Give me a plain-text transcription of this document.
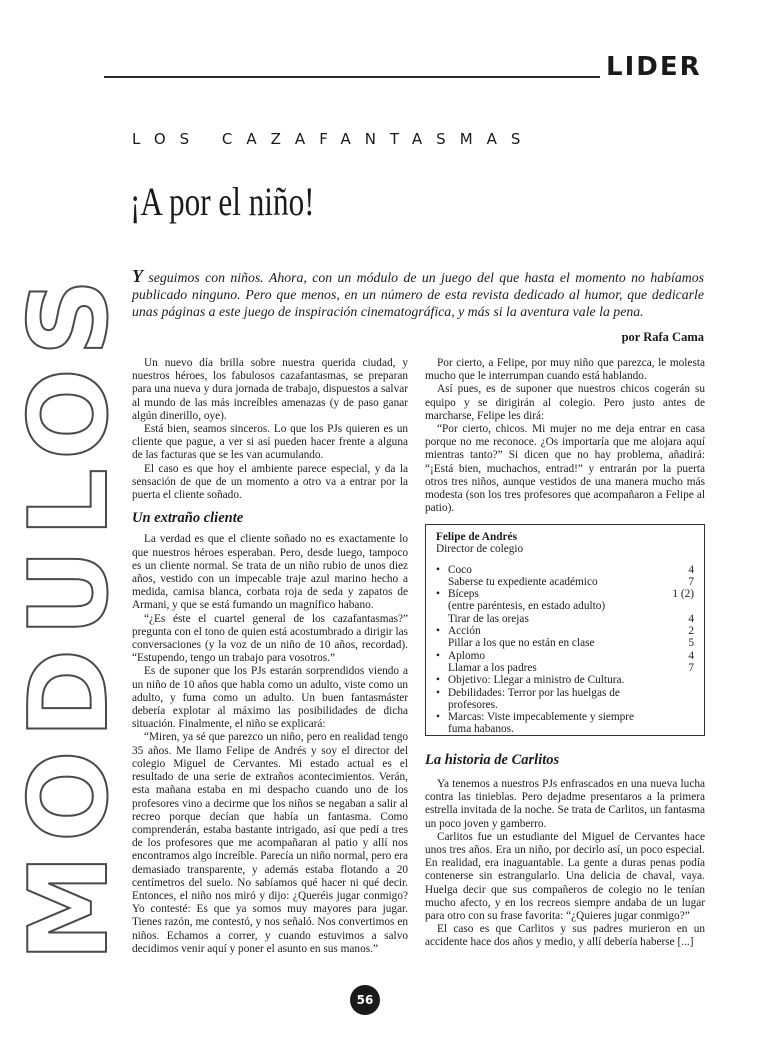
LIDER
MODULOS
LOS CAZAFANTASMAS
¡A por el niño!
Y seguimos con niños. Ahora, con un módulo de un juego del que hasta el momento no habíamos publicado ninguno. Pero que menos, en un número de esta revista dedicado al humor, que dedicarle unas páginas a este juego de inspiración cinematográfica, y más si la aventura vale la pena.
por Rafa Cama

Un nuevo día brilla sobre nuestra querida ciudad, y nuestros héroes, los fabulosos cazafantasmas, se preparan para una nueva y dura jornada de trabajo, dispuestos a salvar al mundo de las más increíbles amenazas (y de paso ganar algún dinerillo, oye).

Está bien, seamos sinceros. Lo que los PJs quieren es un cliente que pague, a ver si así pueden hacer frente a alguna de las facturas que se les van acumulando.

El caso es que hoy el ambiente parece especial, y da la sensación de que de un momento a otro va a entrar por la puerta el cliente soñado.

Un extraño cliente

La verdad es que el cliente soñado no es exactamente lo que nuestros héroes esperaban. Pero, desde luego, tampoco es un cliente normal. Se trata de un niño rubio de unos diez años, vestido con un impecable traje azul marino hecho a medida, camisa blanca, corbata roja de seda y zapatos de Armani, y que se está fumando un magnífico habano.

“¿Es éste el cuartel general de los cazafantasmas?” pregunta con el tono de quien está acostumbrado a dirigir las conversaciones (y la voz de un niño de 10 años, recordad). “Estupendo, tengo un trabajo para vosotros.”

Es de suponer que los PJs estarán sorprendidos viendo a un niño de 10 años que habla como un adulto, viste como un adulto, y fuma como un adulto. Un buen fantasmáster debería explotar al máximo las posibilidades de dicha situación. Finalmente, el niño se explicará:

“Miren, ya sé que parezco un niño, pero en realidad tengo 35 años. Me llamo Felipe de Andrés y soy el director del colegio Miguel de Cervantes. Mi estado actual es el resultado de una serie de extraños acontecimientos. Verán, esta mañana estaba en mi despacho cuando uno de los profesores vino a decirme que los niños se negaban a salir al recreo porque decían que había un fantasma. Como comprenderán, estaba bastante intrigado, así que pedí a tres de los profesores que me acompañaran al patio y allí nos encontramos algo increíble. Parecía un niño normal, pero era demasiado transparente, y además estaba flotando a 20 centímetros del suelo. No sabíamos qué hacer ni qué decir. Entonces, el niño nos miró y dijo: ¿Queréis jugar conmigo? Yo contesté: Es que ya somos muy mayores para jugar. Tienes razón, me contestó, y nos señaló. Nos convertimos en niños. Echamos a correr, y cuando estuvimos a salvo decidimos venir aquí y poner el asunto en sus manos.”

Por cierto, a Felipe, por muy niño que parezca, le molesta mucho que le interrumpan cuando está hablando.

Así pues, es de suponer que nuestros chicos cogerán su equipo y se dirigirán al colegio. Pero justo antes de marcharse, Felipe les dirá:

“Por cierto, chicos. Mi mujer no me deja entrar en casa porque no me reconoce. ¿Os importaría que me alojara aquí mientras tanto?” Si dicen que no hay problema, añadirá: “¡Está bien, muchachos, entrad!” y entrarán por la puerta otros tres niños, aunque vestidos de una manera mucho más modesta (son los tres profesores que acompañaron a Felipe al patio).

Felipe de Andrés
Director de colegio
• Coco	4
Saberse tu expediente académico	7
• Bíceps	1 (2)
(entre paréntesis, en estado adulto)
Tirar de las orejas	4
• Acción	2
Pillar a los que no están en clase	5
• Aplomo	4
Llamar a los padres	7
• Objetivo: Llegar a ministro de Cultura.
• Debilidades: Terror por las huelgas de profesores.
• Marcas: Viste impecablemente y siempre fuma habanos.
La historia de Carlitos

Ya tenemos a nuestros PJs enfrascados en una nueva lucha contra las tinieblas. Pero dejadme presentaros a la primera estrella invitada de la noche. Se trata de Carlitos, un fantasma un poco joven y gamberro.

Carlitos fue un estudiante del Miguel de Cervantes hace unos tres años. Era un niño, por decirlo así, un poco especial. En realidad, era inaguantable. La gente a duras penas podía contenerse sin estrangularlo. Una delicia de chaval, vaya. Huelga decir que sus compañeros de colegio no le tenían mucho afecto, y en los recreos siempre andaba de un lugar para otro con su frase favorita: “¿Quieres jugar conmigo?”

El caso es que Carlitos y sus padres murieron en un accidente hace dos años y medio, y allí debería haberse [...]

56
